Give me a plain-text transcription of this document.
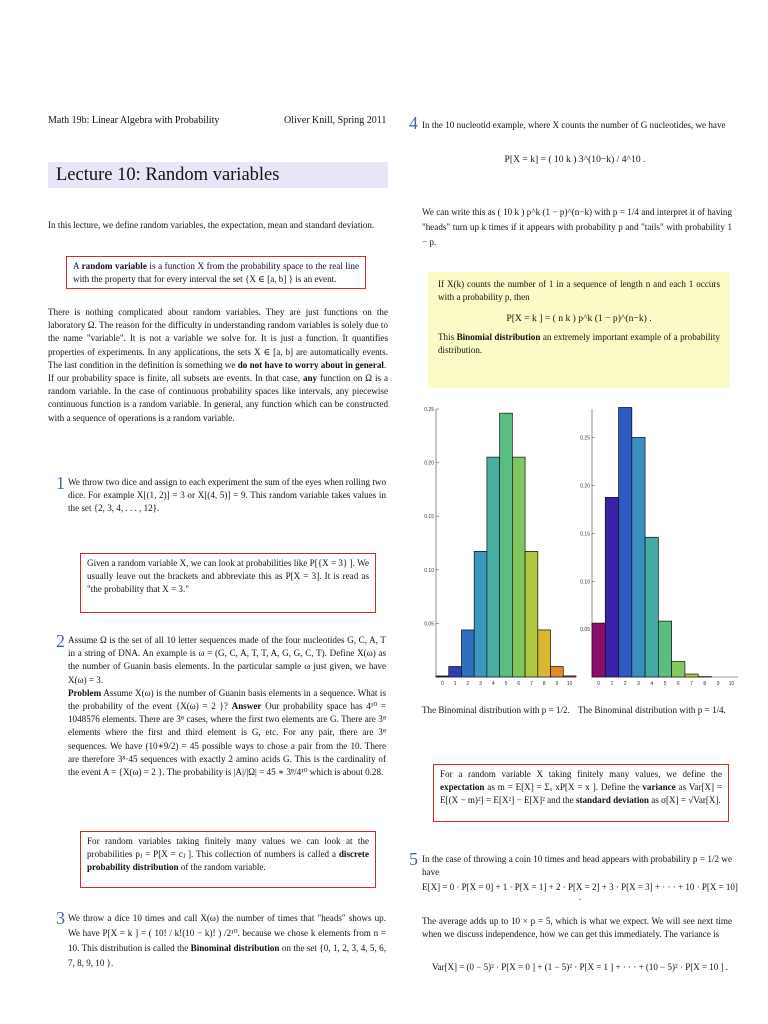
Math 19b: Linear Algebra with Probability	Oliver Knill, Spring 2011
Lecture 10: Random variables
In this lecture, we define random variables, the expectation, mean and standard deviation.
A random variable is a function X from the probability space to the real line with the property that for every interval the set {X ∈ [a, b] } is an event.
There is nothing complicated about random variables. They are just functions on the laboratory Ω. The reason for the difficulty in understanding random variables is solely due to the name "variable". It is not a variable we solve for. It is just a function. It quantifies properties of experiments. In any applications, the sets X ∈ [a, b] are automatically events. The last condition in the definition is something we do not have to worry about in general.
If our probability space is finite, all subsets are events. In that case, any function on Ω is a random variable. In the case of continuous probability spaces like intervals, any piecewise continuous function is a random variable. In general, any function which can be constructed with a sequence of operations is a random variable.
1 We throw two dice and assign to each experiment the sum of the eyes when rolling two dice. For example X[(1, 2)] = 3 or X[(4, 5)] = 9. This random variable takes values in the set {2, 3, 4, . . . , 12}.
Given a random variable X, we can look at probabilities like P[{X = 3} ]. We usually leave out the brackets and abbreviate this as P[X = 3]. It is read as "the probability that X = 3."
2 Assume Ω is the set of all 10 letter sequences made of the four nucleotides G, C, A, T in a string of DNA. An example is ω = (G, C, A, T, T, A, G, G, C, T). Define X(ω) as the number of Guanin basis elements. In the particular sample ω just given, we have X(ω) = 3.
Problem Assume X(ω) is the number of Guanin basis elements in a sequence. What is the probability of the event {X(ω) = 2 }? Answer Our probability space has 4¹⁰ = 1048576 elements. There are 3⁸ cases, where the first two elements are G. There are 3⁸ elements where the first and third element is G, etc. For any pair, there are 3⁸ sequences. We have (10∗9/2) = 45 possible ways to chose a pair from the 10. There are therefore 3⁸·45 sequences with exactly 2 amino acids G. This is the cardinality of the event A = {X(ω) = 2 }. The probability is |A|/|Ω| = 45 ∗ 3⁸/4¹⁰ which is about 0.28.
For random variables taking finitely many values we can look at the probabilities pⱼ = P[X = cⱼ ]. This collection of numbers is called a discrete probability distribution of the random variable.
3 We throw a dice 10 times and call X(ω) the number of times that "heads" shows up. We have P[X = k ] = ( 10! / k!(10 − k)! ) /2¹⁰. because we chose k elements from n = 10. This distribution is called the Binominal distribution on the set {0, 1, 2, 3, 4, 5, 6, 7, 8, 9, 10 }.
4 In the 10 nucleotid example, where X counts the number of G nucleotides, we have
P[X = k] = ( 10 k ) 3^(10−k) / 4^10 .
We can write this as ( 10 k ) p^k (1 − p)^(n−k) with p = 1/4 and interpret it of having "heads" turn up k times if it appears with probability p and "tails" with probability 1 − p.
If X(k) counts the number of 1 in a sequence of length n and each 1 occurs with a probability p, then
P[X = k ] = ( n k ) p^k (1 − p)^(n−k) .
This Binomial distribution an extremely important example of a probability distribution.
0.05
0.10
0.15
0.20
0.25
0 1 2 3 4 5 6 7 8 9 10
0.05
0.10
0.15
0.20
0.25
0 1 2 3 4 5 6 7 8 9 10
The Binominal distribution with p = 1/2. The Binominal distribution with p = 1/4.
For a random variable X taking finitely many values, we define the expectation as m = E[X] = Σₓ xP[X = x ]. Define the variance as Var[X] = E[(X − m)²] = E[X²] − E[X]² and the standard deviation as σ[X] = √Var[X].
5 In the case of throwing a coin 10 times and head appears with probability p = 1/2 we have
E[X] = 0 · P[X = 0] + 1 · P[X = 1] + 2 · P[X = 2] + 3 · P[X = 3] + · · · + 10 · P[X = 10] .
The average adds up to 10 × p = 5, which is what we expect. We will see next time when we discuss independence, how we can get this immediately. The variance is
Var[X] = (0 − 5)² · P[X = 0 ] + (1 − 5)² · P[X = 1 ] + · · · + (10 − 5)² · P[X = 10 ] .
